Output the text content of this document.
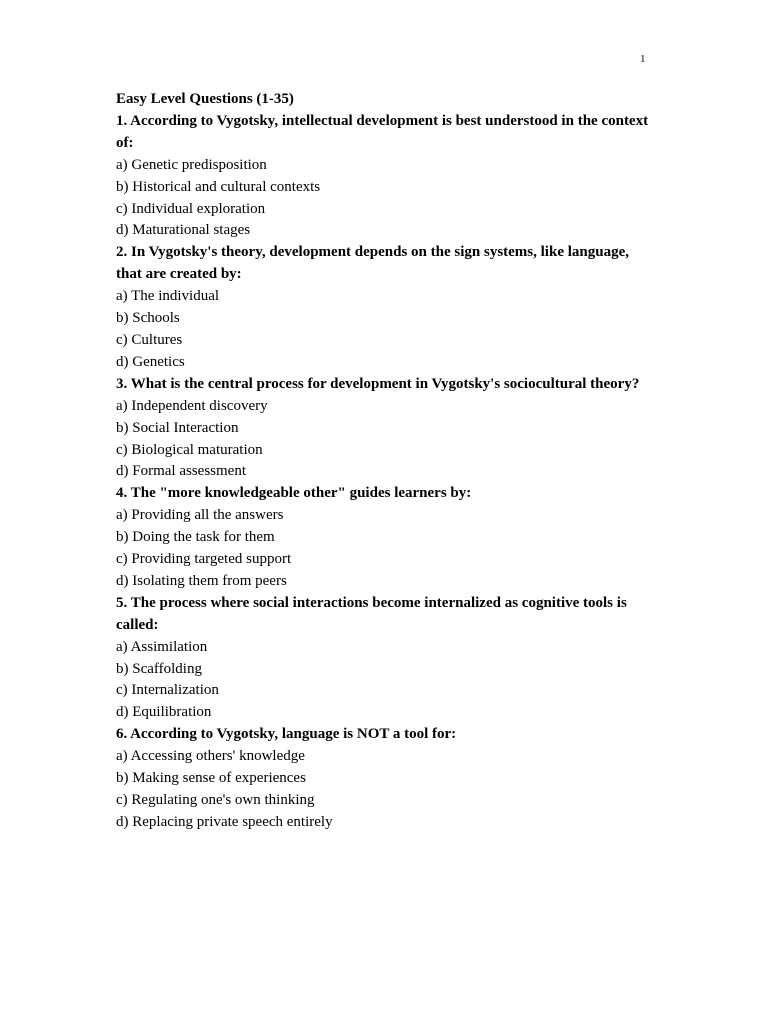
1

Easy Level Questions (1-35)

1. According to Vygotsky, intellectual development is best understood in the context of:

a) Genetic predisposition

b) Historical and cultural contexts

c) Individual exploration

d) Maturational stages

2. In Vygotsky's theory, development depends on the sign systems, like language, that are created by:

a) The individual

b) Schools

c) Cultures

d) Genetics

3. What is the central process for development in Vygotsky's sociocultural theory?

a) Independent discovery

b) Social Interaction

c) Biological maturation

d) Formal assessment

4. The "more knowledgeable other" guides learners by:

a) Providing all the answers

b) Doing the task for them

c) Providing targeted support

d) Isolating them from peers

5. The process where social interactions become internalized as cognitive tools is called:

a) Assimilation

b) Scaffolding

c) Internalization

d) Equilibration

6. According to Vygotsky, language is NOT a tool for:

a) Accessing others' knowledge

b) Making sense of experiences

c) Regulating one's own thinking

d) Replacing private speech entirely
